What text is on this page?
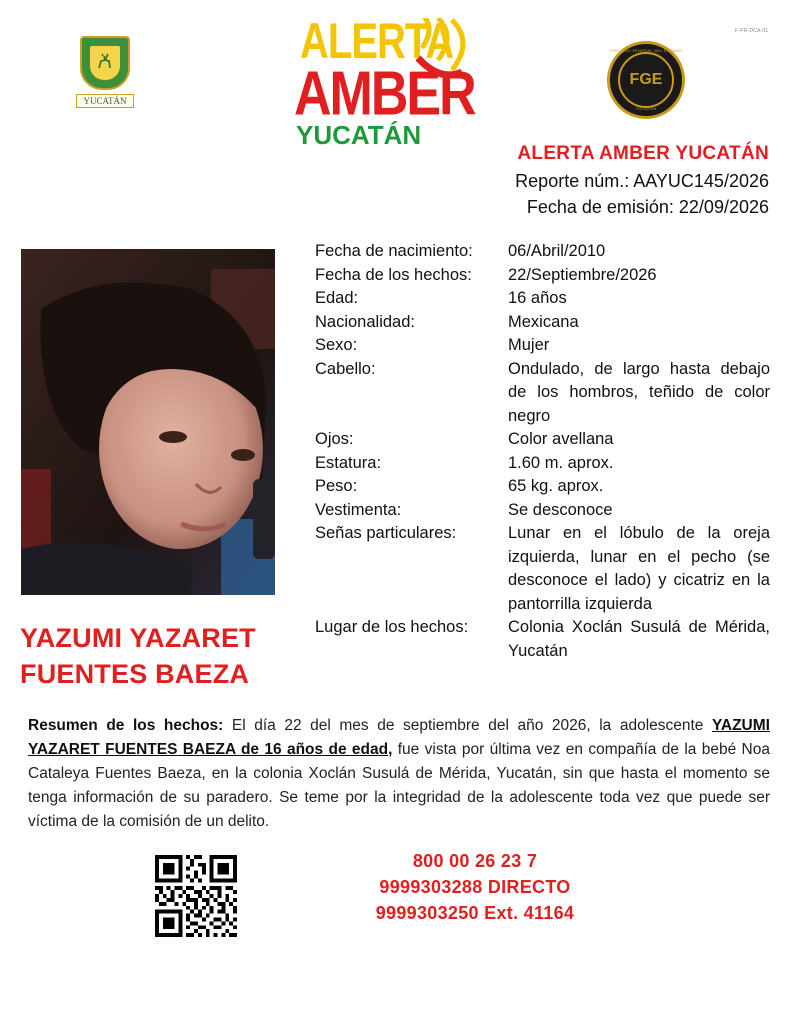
F-PR-DCA-01
YUCATÁN
ALERTA
AMBER
YUCATÁN
FISCALÍA GENERAL DEL ESTADO
FGE
YUCATÁN
ALERTA AMBER YUCATÁN
Reporte núm.: AAYUC145/2026
Fecha de emisión: 22/09/2026
YAZUMI YAZARET
FUENTES BAEZA
Fecha de nacimiento:	06/Abril/2010
Fecha de los hechos:	22/Septiembre/2026
Edad:	16 años
Nacionalidad:	Mexicana
Sexo:	Mujer
Cabello:	Ondulado, de largo hasta debajo de los hombros, teñido de color negro
Ojos:	Color avellana
Estatura:	1.60 m. aprox.
Peso:	65 kg. aprox.
Vestimenta:	Se desconoce
Señas particulares:	Lunar en el lóbulo de la oreja izquierda, lunar en el pecho (se desconoce el lado) y cicatriz en la pantorrilla izquierda
Lugar de los hechos:	Colonia Xoclán Susulá de Mérida, Yucatán
Resumen de los hechos: El día 22 del mes de septiembre del año 2026, la adolescente YAZUMI YAZARET FUENTES BAEZA de 16 años de edad, fue vista por última vez en compañía de la bebé Noa Cataleya Fuentes Baeza, en la colonia Xoclán Susulá de Mérida, Yucatán, sin que hasta el momento se tenga información de su paradero. Se teme por la integridad de la adolescente toda vez que puede ser víctima de la comisión de un delito.
800 00 26 23 7
9999303288 DIRECTO
9999303250 Ext. 41164
